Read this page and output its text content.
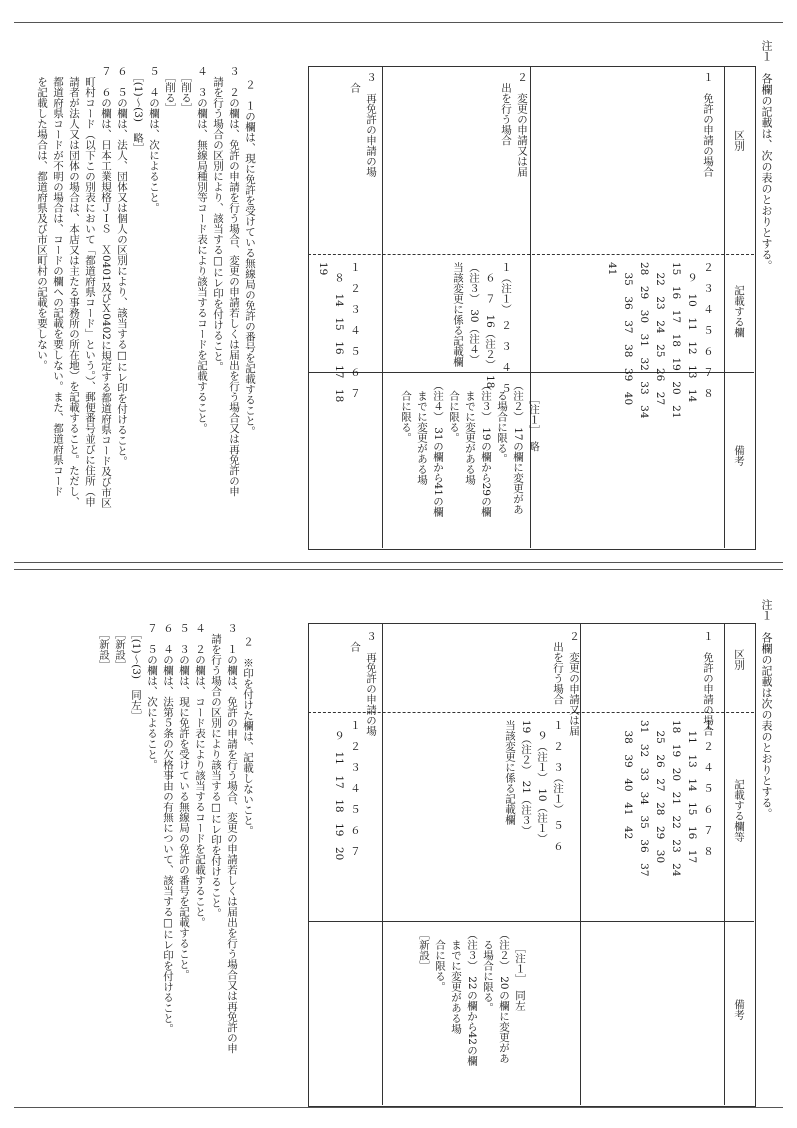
注１　各欄の記載は、次の表のとおりとする。
区別
記載する欄
備考
１　免許の申請の場合
２　３　４　５　６　７　８
　９　10　11　12　13　14
15　16　17　18　19　20　21
　22　23　24　25　26　27
28　29　30　31　32　33　34
　35　36　37　38　39　40
41
２　変更の申請又は届
　出を行う場合
１（注１）　２　３　４　５
　６　７　16（注２）　18
（注３）　30（注４）
当該変更に係る記載欄

［注１］　略
（注２）　17の欄に変更があ
　る場合に限る。
（注３）　19の欄から29の欄
　までに変更がある場
　合に限る。
（注４）　31の欄から41の欄
　までに変更がある場
　合に限る。

３　再免許の申請の場
　合
１　２　３　４　５　６　７
　８　14　15　16　17　18
19

２　１の欄は、現に免許を受けている無線局の免許の番号を記載すること。
３　２の欄は、免許の申請を行う場合、変更の申請若しくは届出を行う場合又は再免許の申
　請を行う場合の区別により、該当する□にレ印を付けること。
４　３の欄は、無線局種別等コード表により該当するコードを記載すること。
　［削る］
　［削る］
５　４の欄は、次によること。
　［(1)～(3)　略］
６　５の欄は、法人、団体又は個人の区別により、該当する□にレ印を付けること。
７　６の欄は、日本工業規格ＪＩＳ　Ｘ0401及びＸ0402に規定する都道府県コード及び市区
　町村コード（以下この別表において「都道府県コード」という。）、郵便番号並びに住所（申
　請者が法人又は団体の場合は、本店又は主たる事務所の所在地）を記載すること。ただし、
　都道府県コードが不明の場合は、コードの欄への記載を要しない。また、都道府県コード
　を記載した場合は、都道府県及び市区町村の記載を要しない。

注１　各欄の記載は次の表のとおりとする。
区別
記載する欄等
備考
１　免許の申請の場合
１　２　４　５　６　７　８
　11　13　14　15　16　17
18　19　20　21　22　23　24
　25　26　27　28　29　30
31　32　33　34　35　36　37
　38　39　40　41　42
２　変更の申請又は届
　出を行う場合
１　２　３（注１）　５　６
　９（注１）　10（注１）
19（注２）　21（注３）
当該変更に係る記載欄

［注１］　同左
（注２）　20の欄に変更があ
　る場合に限る。
（注３）　22の欄から42の欄
　までに変更がある場
　合に限る。
［新設］

３　再免許の申請の場
　合
１　２　３　４　５　６　７
　９　11　17　18　19　20

２　※印を付けた欄は、記載しないこと。
３　１の欄は、免許の申請を行う場合、変更の申請若しくは届出を行う場合又は再免許の申
　請を行う場合の区別により該当する□にレ印を付けること。
４　２の欄は、コード表により該当するコードを記載すること。
５　３の欄は、現に免許を受けている無線局の免許の番号を記載すること。
６　４の欄は、法第５条の欠格事由の有無について、該当する□にレ印を付けること。
７　５の欄は、次によること。
　［(1)～(3)　同左］
　［新設］
　［新設］
